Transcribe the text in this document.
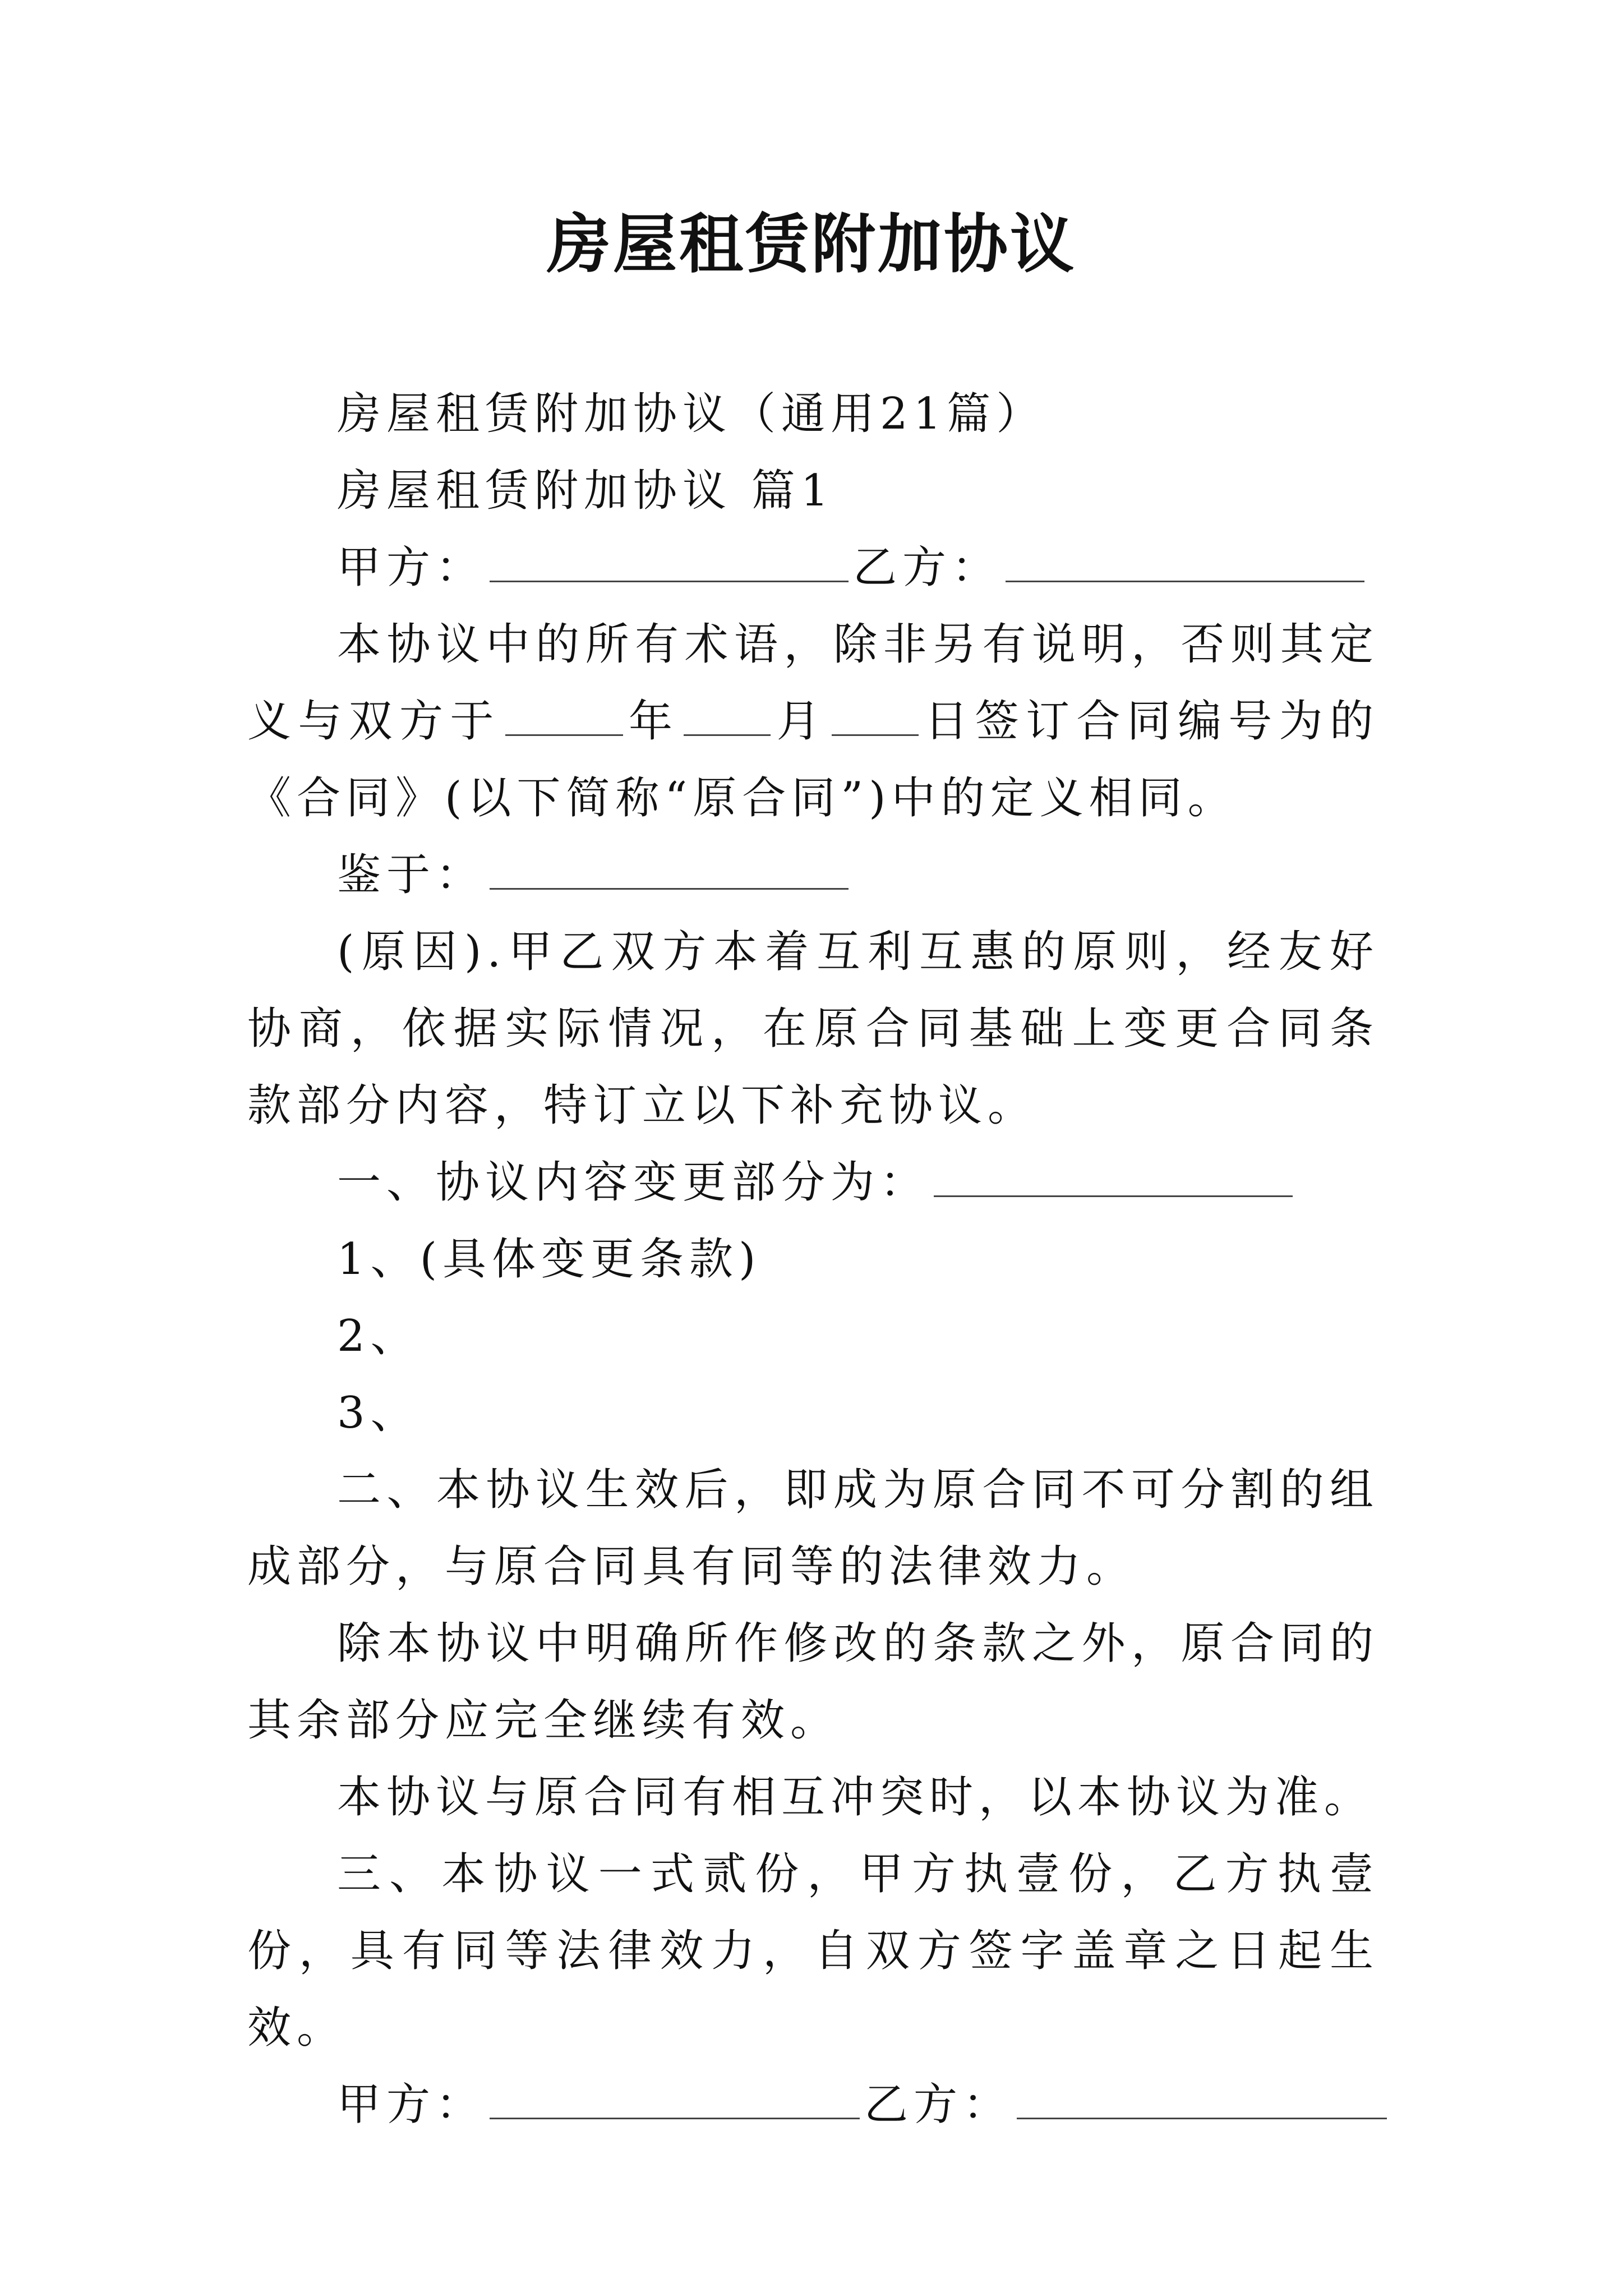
房屋租赁附加协议

房屋租赁附加协议（通用21篇）

房屋租赁附加协议 篇1

甲方：	乙方：

本协议中的所有术语，除非另有说明，否则其定义与双方于	年 月 日签订合同编号为的《合同》(以下简称“原合同”)中的定义相同。

鉴于：

(原因).甲乙双方本着互利互惠的原则，经友好协商，依据实际情况，在原合同基础上变更合同条款部分内容，特订立以下补充协议。

一、协议内容变更部分为：

1、(具体变更条款)

2、

3、

二、本协议生效后，即成为原合同不可分割的组成部分，与原合同具有同等的法律效力。

除本协议中明确所作修改的条款之外，原合同的其余部分应完全继续有效。

本协议与原合同有相互冲突时，以本协议为准。

三、本协议一式贰份，甲方执壹份，乙方执壹份，具有同等法律效力，自双方签字盖章之日起生效。

甲方：	乙方：
